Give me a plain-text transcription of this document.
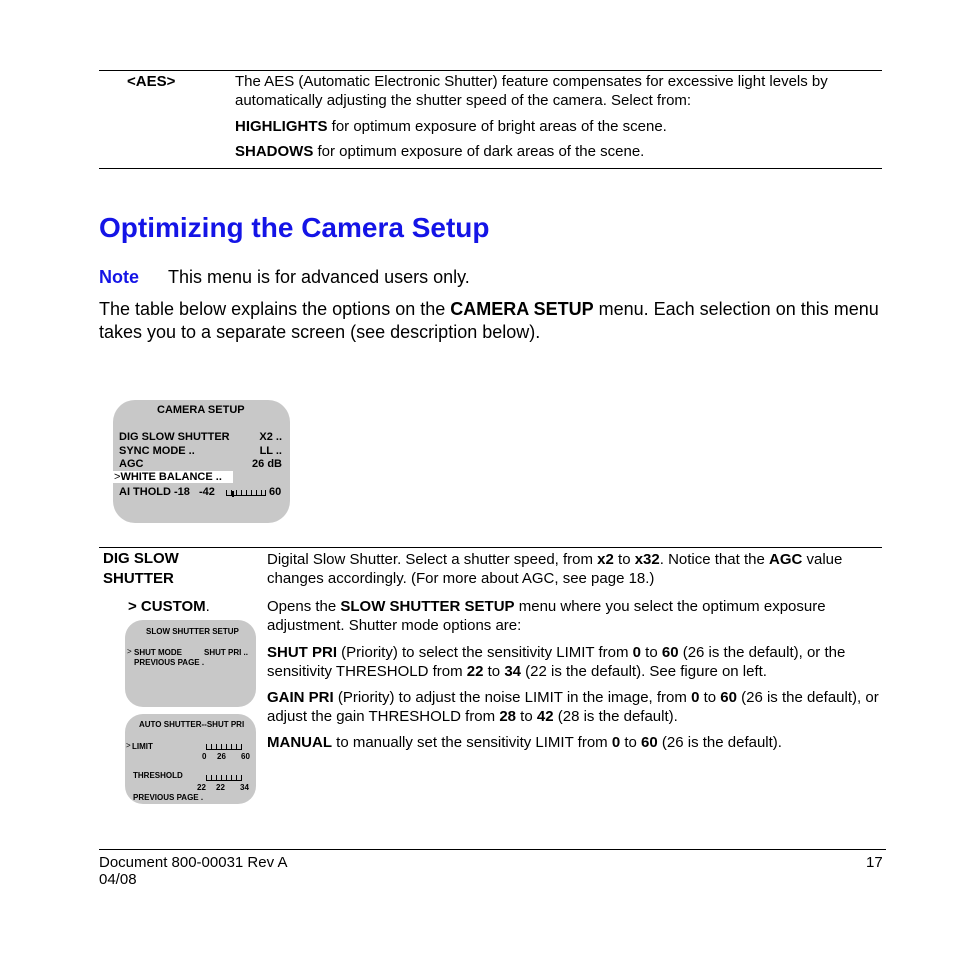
<AES>	The AES (Automatic Electronic Shutter) feature compensates for excessive light levels by automatically adjusting the shutter speed of the camera. Select from:
HIGHLIGHTS for optimum exposure of bright areas of the scene.
SHADOWS for optimum exposure of dark areas of the scene.
Optimizing the Camera Setup
Note This menu is for advanced users only.
The table below explains the options on the CAMERA SETUP menu. Each selection on this menu takes you to a separate screen (see description below).
CAMERA SETUP
DIG SLOW SHUTTER	X2 ..
SYNC MODE ..	LL ..
AGC	26 dB
>WHITE BALANCE ..
AI THOLD -18 -42	60
DIG SLOW
SHUTTER
Digital Slow Shutter. Select a shutter speed, from x2 to x32. Notice that the AGC value changes accordingly. (For more about AGC, see page 18.)
> CUSTOM.	Opens the SLOW SHUTTER SETUP menu where you select the optimum exposure adjustment. Shutter mode options are:
SHUT PRI (Priority) to select the sensitivity LIMIT from 0 to 60 (26 is the default), or the sensitivity THRESHOLD from 22 to 34 (22 is the default). See figure on left.
GAIN PRI (Priority) to adjust the noise LIMIT in the image, from 0 to 60 (26 is the default), or adjust the gain THRESHOLD from 28 to 42 (28 is the default).
MANUAL to manually set the sensitivity LIMIT from 0 to 60 (26 is the default).
SLOW SHUTTER SETUP
> SHUT MODE	SHUT PRI ..
PREVIOUS PAGE .
AUTO SHUTTER--SHUT PRI
> LIMIT
0 26 60
THRESHOLD
22 22 34
PREVIOUS PAGE .
Document 800-00031 Rev A
04/08
17
